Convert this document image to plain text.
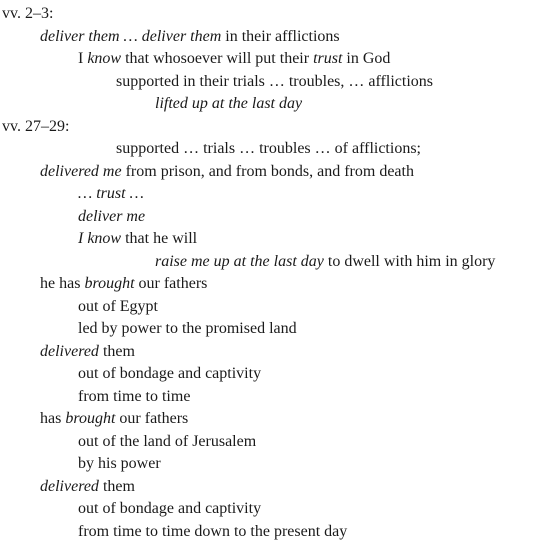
vv. 2–3:
deliver them … deliver them in their afflictions
I know that whosoever will put their trust in God
supported in their trials … troubles, … afflictions
lifted up at the last day
vv. 27–29:
supported … trials … troubles … of afflictions;
delivered me from prison, and from bonds, and from death
… trust …
deliver me
I know that he will
raise me up at the last day to dwell with him in glory
he has brought our fathers
out of Egypt
led by power to the promised land
delivered them
out of bondage and captivity
from time to time
has brought our fathers
out of the land of Jerusalem
by his power
delivered them
out of bondage and captivity
from time to time down to the present day
